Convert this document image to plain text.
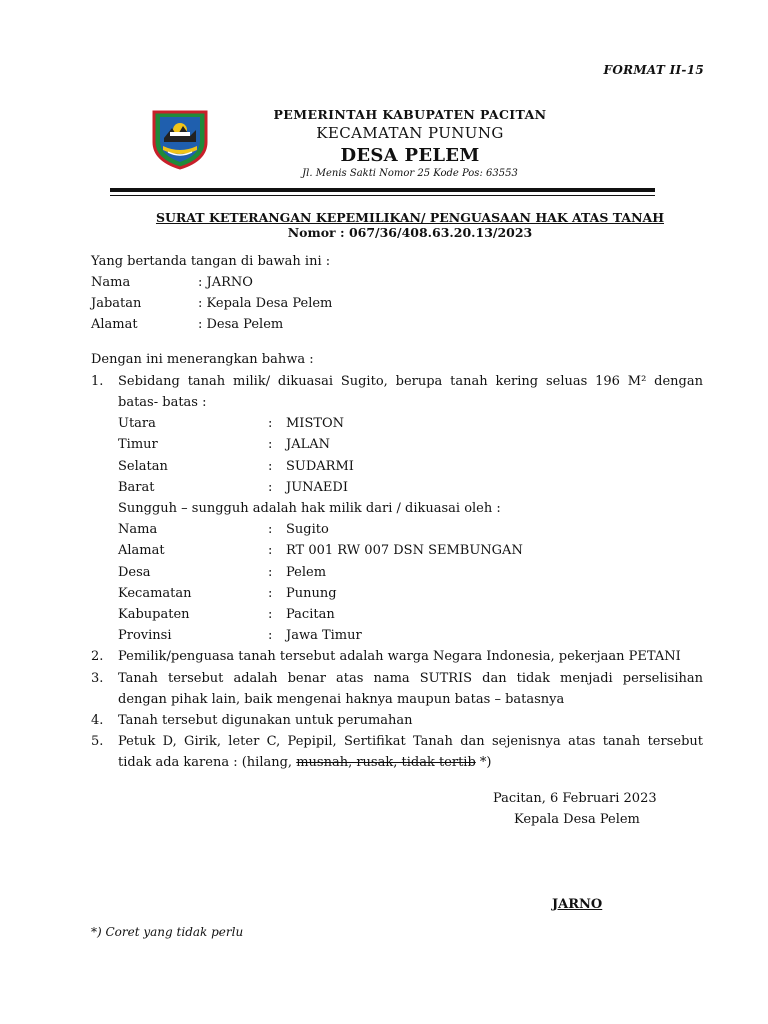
FORMAT II-15
PEMERINTAH KABUPATEN PACITAN
KECAMATAN PUNUNG
DESA PELEM
Jl. Menis Sakti Nomor 25 Kode Pos: 63553
SURAT KETERANGAN KEPEMILIKAN/ PENGUASAAN HAK ATAS TANAH
Nomor : 067/36/408.63.20.13/2023
Yang bertanda tangan di bawah ini :
Nama	: JARNO
Jabatan	: Kepala Desa Pelem
Alamat	: Desa Pelem
Dengan ini menerangkan bahwa :
1. Sebidang tanah milik/ dikuasai Sugito, berupa tanah kering seluas 196 M² dengan
batas- batas :
Utara	: MISTON
Timur	: JALAN
Selatan	: SUDARMI
Barat	: JUNAEDI
Sungguh – sungguh adalah hak milik dari / dikuasai oleh :
Nama	: Sugito
Alamat	: RT 001 RW 007 DSN SEMBUNGAN
Desa	: Pelem
Kecamatan	: Punung
Kabupaten	: Pacitan
Provinsi	: Jawa Timur
2. Pemilik/penguasa tanah tersebut adalah warga Negara Indonesia, pekerjaan PETANI
3. Tanah tersebut adalah benar atas nama SUTRIS dan tidak menjadi perselisihan
dengan pihak lain, baik mengenai haknya maupun batas – batasnya
4. Tanah tersebut digunakan untuk perumahan
5. Petuk D, Girik, leter C, Pepipil, Sertifikat Tanah dan sejenisnya atas tanah tersebut
tidak ada karena : (hilang, musnah, rusak, tidak tertib *)
Pacitan, 6 Februari 2023
Kepala Desa Pelem
JARNO
*) Coret yang tidak perlu
